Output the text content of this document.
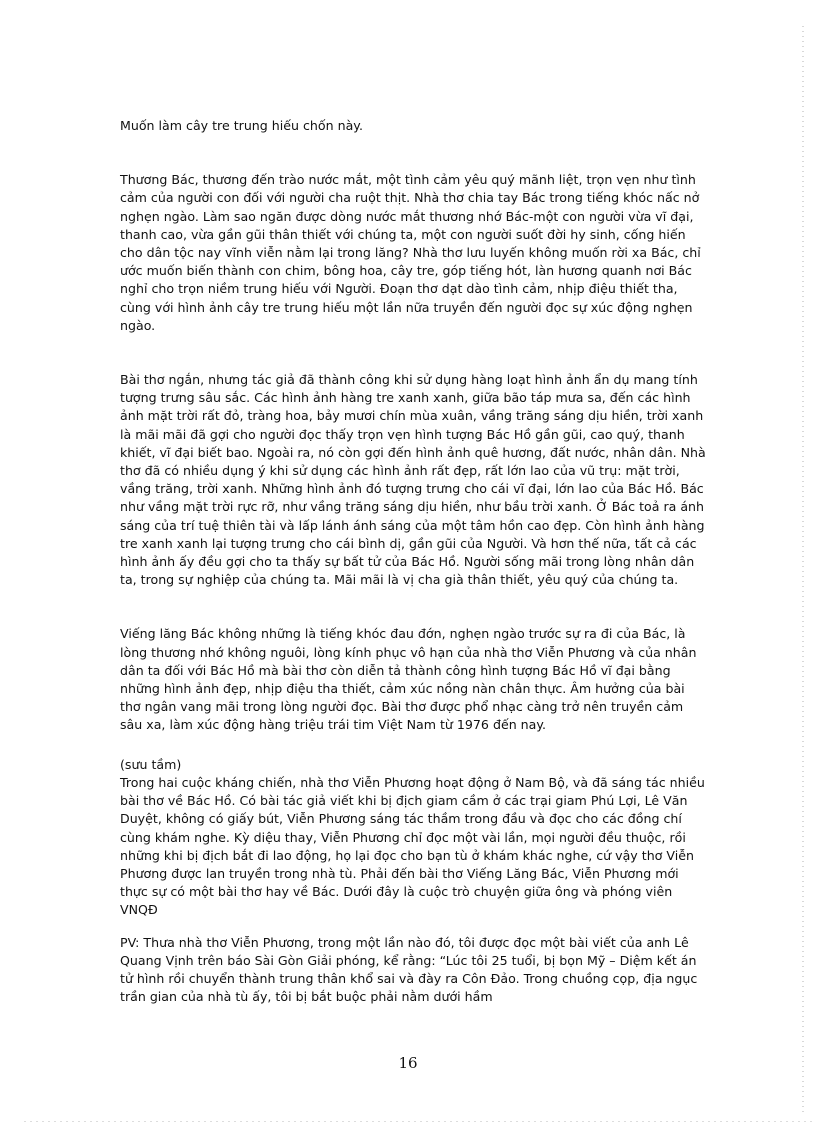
Muốn làm cây tre trung hiếu chốn này.

Thương Bác, thương đến trào nước mắt, một tình cảm yêu quý mãnh liệt, trọn vẹn như tình cảm của người con đối với người cha ruột thịt. Nhà thơ chia tay Bác trong tiếng khóc nấc nở nghẹn ngào. Làm sao ngăn được dòng nước mắt thương nhớ Bác-một con người vừa vĩ đại, thanh cao, vừa gần gũi thân thiết với chúng ta, một con người suốt đời hy sinh, cống hiến cho dân tộc nay vĩnh viễn nằm lại trong lăng? Nhà thơ lưu luyến không muốn rời xa Bác, chỉ ước muốn biến thành con chim, bông hoa, cây tre, góp tiếng hót, làn hương quanh nơi Bác nghỉ cho trọn niềm trung hiếu với Người. Đoạn thơ dạt dào tình cảm, nhịp điệu thiết tha, cùng với hình ảnh cây tre trung hiếu một lần nữa truyền đến người đọc sự xúc động nghẹn ngào.

Bài thơ ngắn, nhưng tác giả đã thành công khi sử dụng hàng loạt hình ảnh ẩn dụ mang tính tượng trưng sâu sắc. Các hình ảnh hàng tre xanh xanh, giữa bão táp mưa sa, đến các hình ảnh mặt trời rất đỏ, tràng hoa, bảy mươi chín mùa xuân, vầng trăng sáng dịu hiền, trời xanh là mãi mãi đã gợi cho người đọc thấy trọn vẹn hình tượng Bác Hồ gần gũi, cao quý, thanh khiết, vĩ đại biết bao. Ngoài ra, nó còn gợi đến hình ảnh quê hương, đất nước, nhân dân. Nhà thơ đã có nhiều dụng ý khi sử dụng các hình ảnh rất đẹp, rất lớn lao của vũ trụ: mặt trời, vầng trăng, trời xanh. Những hình ảnh đó tượng trưng cho cái vĩ đại, lớn lao của Bác Hồ. Bác như vầng mặt trời rực rỡ, như vầng trăng sáng dịu hiền, như bầu trời xanh. Ở Bác toả ra ánh sáng của trí tuệ thiên tài và lấp lánh ánh sáng của một tâm hồn cao đẹp. Còn hình ảnh hàng tre xanh xanh lại tượng trưng cho cái bình dị, gần gũi của Người. Và hơn thế nữa, tất cả các hình ảnh ấy đều gợi cho ta thấy sự bất tử của Bác Hồ. Người sống mãi trong lòng nhân dân ta, trong sự nghiệp của chúng ta. Mãi mãi là vị cha già thân thiết, yêu quý của chúng ta.

Viếng lăng Bác không những là tiếng khóc đau đớn, nghẹn ngào trước sự ra đi của Bác, là lòng thương nhớ không nguôi, lòng kính phục vô hạn của nhà thơ Viễn Phương và của nhân dân ta đối với Bác Hồ mà bài thơ còn diễn tả thành công hình tượng Bác Hồ vĩ đại bằng những hình ảnh đẹp, nhịp điệu tha thiết, cảm xúc nồng nàn chân thực. Âm hưởng của bài thơ ngân vang mãi trong lòng người đọc. Bài thơ được phổ nhạc càng trở nên truyền cảm sâu xa, làm xúc động hàng triệu trái tim Việt Nam từ 1976 đến nay.

(sưu tầm)

Trong hai cuộc kháng chiến, nhà thơ Viễn Phương hoạt động ở Nam Bộ, và đã sáng tác nhiều bài thơ về Bác Hồ. Có bài tác giả viết khi bị địch giam cầm ở các trại giam Phú Lợi, Lê Văn Duyệt, không có giấy bút, Viễn Phương sáng tác thầm trong đầu và đọc cho các đồng chí cùng khám nghe. Kỳ diệu thay, Viễn Phương chỉ đọc một vài lần, mọi người đều thuộc, rồi những khi bị địch bắt đi lao động, họ lại đọc cho bạn tù ở khám khác nghe, cứ vậy thơ Viễn Phương được lan truyền trong nhà tù. Phải đến bài thơ Viếng Lăng Bác, Viễn Phương mới thực sự có một bài thơ hay về Bác. Dưới đây là cuộc trò chuyện giữa ông và phóng viên VNQĐ

PV: Thưa nhà thơ Viễn Phương, trong một lần nào đó, tôi được đọc một bài viết của anh Lê Quang Vịnh trên báo Sài Gòn Giải phóng, kể rằng: “Lúc tôi 25 tuổi, bị bọn Mỹ – Diệm kết án tử hình rồi chuyển thành trung thân khổ sai và đày ra Côn Đảo. Trong chuồng cọp, địa ngục trần gian của nhà tù ấy, tôi bị bắt buộc phải nằm dưới hầm

16
